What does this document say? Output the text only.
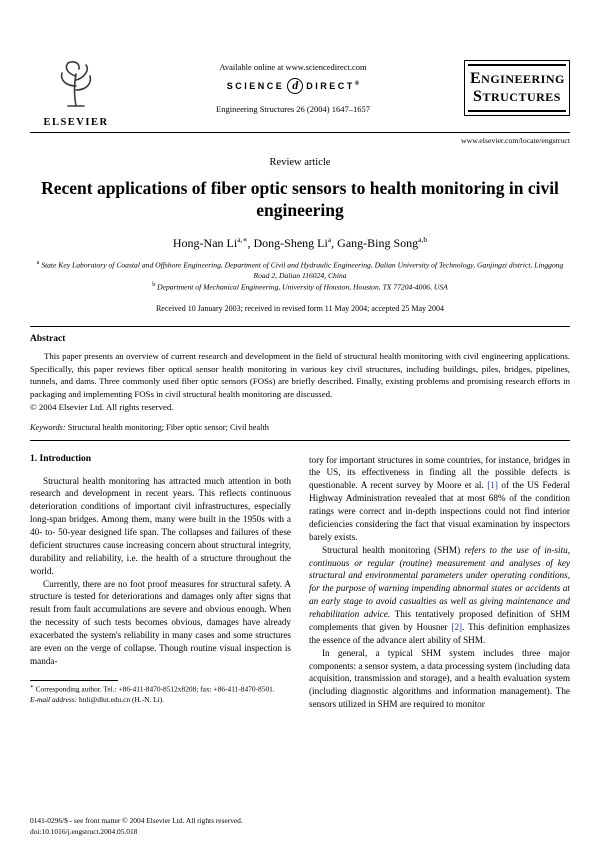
ELSEVIER
Available online at www.sciencedirect.com
SCIENCE d DIRECT®
Engineering Structures 26 (2004) 1647–1657
ENGINEERING
STRUCTURES
www.elsevier.com/locate/engstruct
Review article
Recent applications of fiber optic sensors to health monitoring in civil engineering
Hong-Nan $Li^{a,∗}$, Dong-Sheng Li$^a$, Gang-Bing Song$^{a,b}$
$^a$ State Key Laboratory of Coastal and Offshore Engineering, Department of Civil and Hydraulic Engineering, Dalian University of Technology, Ganjingzi district, Linggong Road 2, Dalian 116024, China
$^b$ Department of Mechanical Engineering, University of Houston, Houston, TX 77204-4006, USA
Received 10 January 2003; received in revised form 11 May 2004; accepted 25 May 2004
Abstract

This paper presents an overview of current research and development in the field of structural health monitoring with civil engineering applications. Specifically, this paper reviews fiber optical sensor health monitoring in various key civil structures, including buildings, piles, bridges, pipelines, tunnels, and dams. Three commonly used fiber optic sensors (FOSs) are briefly described. Finally, existing problems and promising research efforts in packaging and implementing FOSs in civil structural health monitoring are discussed.

© 2004 Elsevier Ltd. All rights reserved.

Keywords: Structural health monitoring; Fiber optic sensor; Civil health
1. Introduction

Structural health monitoring has attracted much attention in both research and development in recent years. This reflects continuous deterioration conditions of important civil infrastructures, especially long-span bridges. Among them, many were built in the 1950s with a 40- to- 50-year designed life span. The collapses and failures of these deficient structures cause increasing concern about structural integrity, durability and reliability, i.e. the health of a structure throughout the world.

Currently, there are no foot proof measures for structural safety. A structure is tested for deteriorations and damages only after signs that result from fault accumulations are severe and obvious enough. When the necessity of such tests becomes obvious, damages have already exacerbated the system's reliability in many cases and some structures are even on the verge of collapse. Though routine visual inspection is manda-

∗ Corresponding author. Tel.: +86-411-8470-8512x8208; fax: +86-411-8470-8501.
E-mail address: hnli@dlut.edu.cn (H.-N. Li).

tory for important structures in some countries, for instance, bridges in the US, its effectiveness in finding all the possible defects is questionable. A recent survey by Moore et al. [1] of the US Federal Highway Administration revealed that at most 68% of the condition ratings were correct and in-depth inspections could not find interior deficiencies considering the fact that visual examination by inspectors barely exists.

Structural health monitoring (SHM) refers to the use of in-situ, continuous or regular (routine) measurement and analyses of key structural and environmental parameters under operating conditions, for the purpose of warning impending abnormal states or accidents at an early stage to avoid casualties as well as giving maintenance and rehabilitation advice. This tentatively proposed definition of SHM complements that given by Housner [2]. This definition emphasizes the essence of the advance alert ability of SHM.

In general, a typical SHM system includes three major components: a sensor system, a data processing system (including data acquisition, transmission and storage), and a health evaluation system (including diagnostic algorithms and information management). The sensors utilized in SHM are required to monitor

0141-0296/$ - see front matter © 2004 Elsevier Ltd. All rights reserved.
doi:10.1016/j.engstruct.2004.05.018
